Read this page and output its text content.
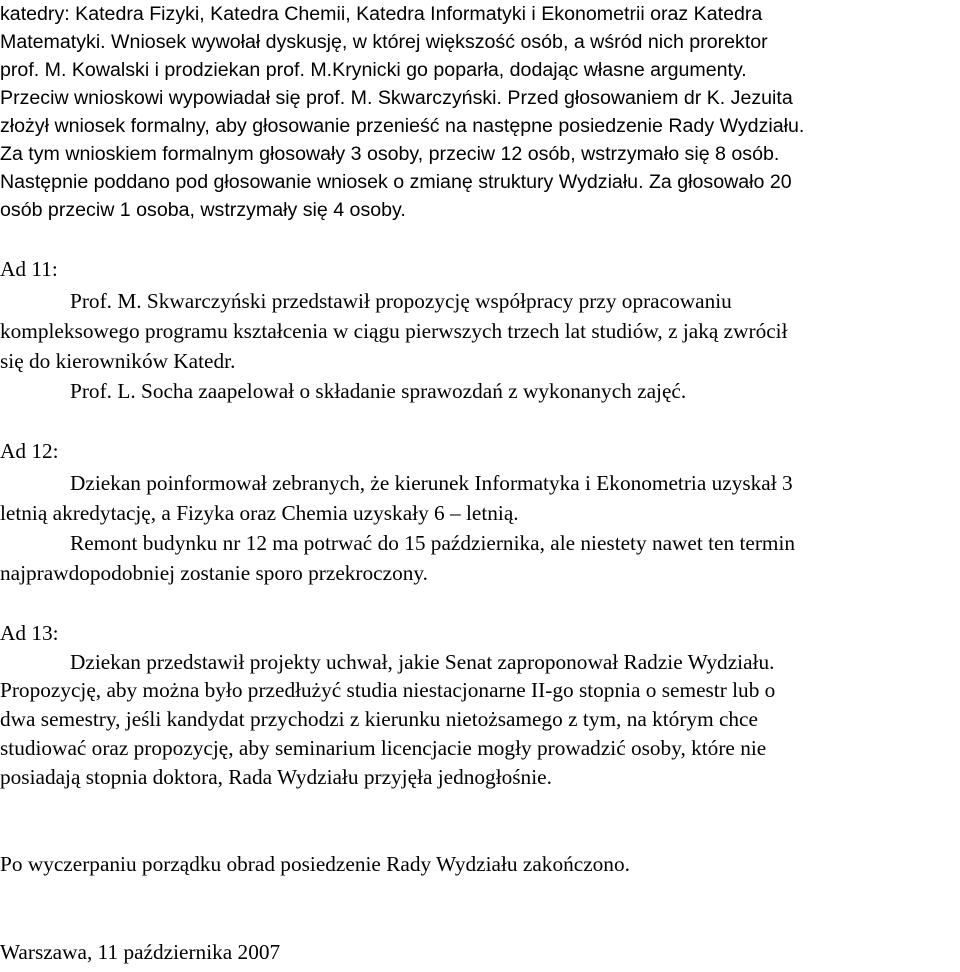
katedry: Katedra Fizyki, Katedra Chemii, Katedra Informatyki i Ekonometrii oraz Katedra
Matematyki. Wniosek wywołał dyskusję, w której większość osób, a wśród nich prorektor
prof. M. Kowalski i prodziekan prof. M.Krynicki go poparła, dodając własne argumenty.
Przeciw wnioskowi wypowiadał się prof. M. Skwarczyński. Przed głosowaniem dr K. Jezuita
złożył wniosek formalny, aby głosowanie przenieść na następne posiedzenie Rady Wydziału.
Za tym wnioskiem formalnym głosowały 3 osoby, przeciw 12 osób, wstrzymało się 8 osób.
Następnie poddano pod głosowanie wniosek o zmianę struktury Wydziału. Za głosowało 20
osób przeciw 1 osoba, wstrzymały się 4 osoby.
Ad 11:
Prof. M. Skwarczyński przedstawił propozycję współpracy przy opracowaniu
kompleksowego programu kształcenia w ciągu pierwszych trzech lat studiów, z jaką zwrócił
się do kierowników Katedr.
Prof. L. Socha zaapelował o składanie sprawozdań z wykonanych zajęć.
Ad 12:
Dziekan poinformował zebranych, że kierunek Informatyka i Ekonometria uzyskał 3
letnią akredytację, a Fizyka oraz Chemia uzyskały 6 – letnią.
Remont budynku nr 12 ma potrwać do 15 października, ale niestety nawet ten termin
najprawdopodobniej zostanie sporo przekroczony.
Ad 13:
Dziekan przedstawił projekty uchwał, jakie Senat zaproponował Radzie Wydziału.
Propozycję, aby można było przedłużyć studia niestacjonarne II-go stopnia o semestr lub o
dwa semestry, jeśli kandydat przychodzi z kierunku nietożsamego z tym, na którym chce
studiować oraz propozycję, aby seminarium licencjacie mogły prowadzić osoby, które nie
posiadają stopnia doktora, Rada Wydziału przyjęła jednogłośnie.
Po wyczerpaniu porządku obrad posiedzenie Rady Wydziału zakończono.
Warszawa, 11 października 2007
